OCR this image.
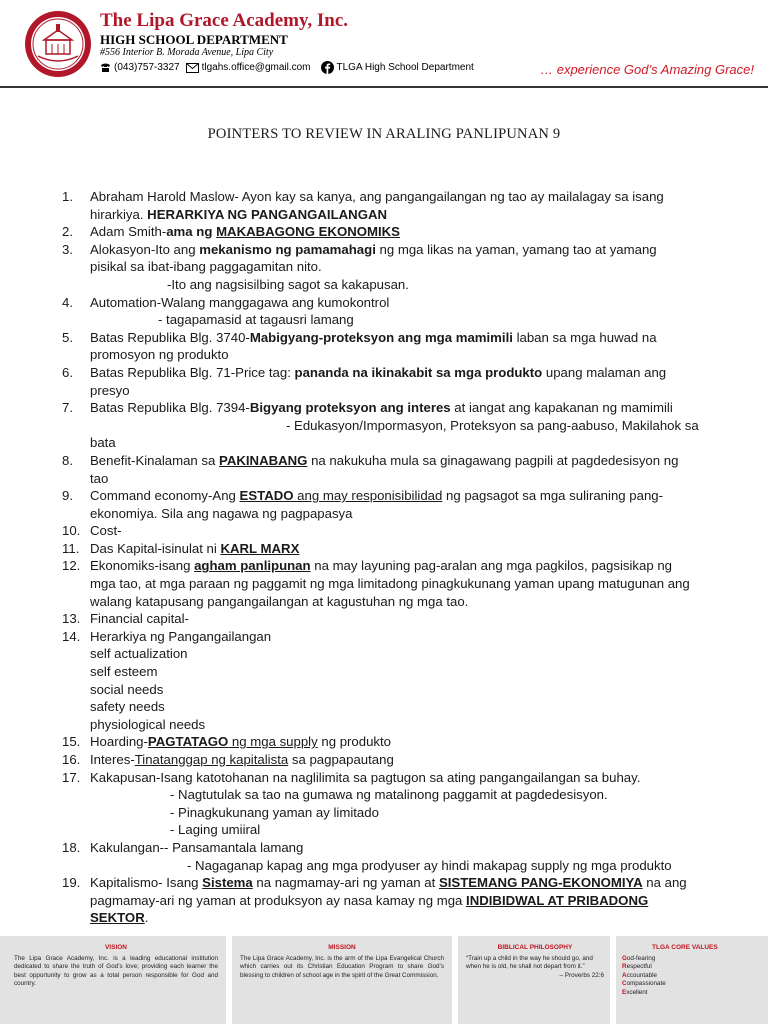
The Lipa Grace Academy, Inc.
HIGH SCHOOL DEPARTMENT
#556 Interior B. Morada Avenue, Lipa City
(043)757-3327 tlgahs.office@gmail.com	TLGA High School Department	… experience God’s Amazing Grace!
POINTERS TO REVIEW IN ARALING PANLIPUNAN 9
1. Abraham Harold Maslow- Ayon kay sa kanya, ang pangangailangan ng tao ay mailalagay sa isang
hirarkiya. HERARKIYA NG PANGANGAILANGAN
2. Adam Smith-ama ng MAKABAGONG EKONOMIKS
3. Alokasyon-Ito ang mekanismo ng pamamahagi ng mga likas na yaman, yamang tao at yamang
pisikal sa ibat-ibang paggagamitan nito.
-Ito ang nagsisilbing sagot sa kakapusan.
4. Automation-Walang manggagawa ang kumokontrol
- tagapamasid at tagausri lamang
5. Batas Republika Blg. 3740-Mabigyang-proteksyon ang mga mamimili laban sa mga huwad na
promosyon ng produkto
6. Batas Republika Blg. 71-Price tag: pananda na ikinakabit sa mga produkto upang malaman ang
presyo
7. Batas Republika Blg. 7394-Bigyang proteksyon ang interes at iangat ang kapakanan ng mamimili
- Edukasyon/Impormasyon, Proteksyon sa pang-aabuso, Makilahok sa
bata
8. Benefit-Kinalaman sa PAKINABANG na nakukuha mula sa ginagawang pagpili at pagdedesisyon ng
tao
9. Command economy-Ang ESTADO ang may responisibilidad ng pagsagot sa mga suliraning pang-
ekonomiya. Sila ang nagawa ng pagpapasya
10. Cost-
11. Das Kapital-isinulat ni KARL MARX
12. Ekonomiks-isang agham panlipunan na may layuning pag-aralan ang mga pagkilos, pagsisikap ng
mga tao, at mga paraan ng paggamit ng mga limitadong pinagkukunang yaman upang matugunan ang
walang katapusang pangangailangan at kagustuhan ng mga tao.
13. Financial capital-
14. Herarkiya ng Pangangailangan
self actualization
self esteem
social needs
safety needs
physiological needs
15. Hoarding-PAGTATAGO ng mga supply ng produkto
16. Interes-Tinatanggap ng kapitalista sa pagpapautang
17. Kakapusan-Isang katotohanan na naglilimita sa pagtugon sa ating pangangailangan sa buhay.
- Nagtutulak sa tao na gumawa ng matalinong paggamit at pagdedesisyon.
- Pinagkukunang yaman ay limitado
- Laging umiiral
18. Kakulangan-- Pansamantala lamang
- Nagaganap kapag ang mga prodyuser ay hindi makapag supply ng mga produkto
19. Kapitalismo- Isang Sistema na nagmamay-ari ng yaman at SISTEMANG PANG-EKONOMIYA na ang
pagmamay-ari ng yaman at produksyon ay nasa kamay ng mga INDIBIDWAL AT PRIBADONG
SEKTOR.
VISION
The Lipa Grace Academy, Inc. is a leading educational institution dedicated to share the truth of God’s love; providing each learner the best opportunity to grow as a total person responsible for God and country.
MISSION
The Lipa Grace Academy, Inc. is the arm of the Lipa Evangelical Church which carries out its Christian Education Program to share God’s blessing to children of school age in the spirit of the Great Commission.
BIBLICAL PHILOSOPHY
“Train up a child in the way he should go, and when he is old, he shall not depart from it.”
– Proverbs 22:6
TLGA CORE VALUES
God-fearing
Respectful
Accountable
Compassionate
Excellent
